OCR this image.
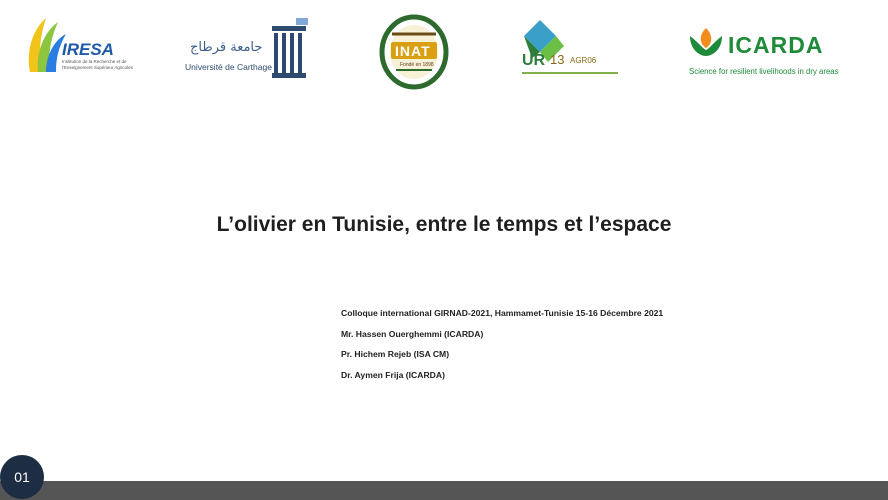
IRESA
Institution de la Recherche et de
l'Enseignement Supérieur Agricoles
جامعة قرطاج
Université de Carthage
INAT
Fondé en 1898	UR 13 AGR06
ICARDA
Science for resilient livelihoods in dry areas
L’olivier en Tunisie, entre le temps et l’espace
Colloque international GIRNAD-2021, Hammamet-Tunisie 15-16 Décembre 2021
Mr. Hassen Ouerghemmi (ICARDA)
Pr. Hichem Rejeb (ISA CM)
Dr. Aymen Frija (ICARDA)
01
